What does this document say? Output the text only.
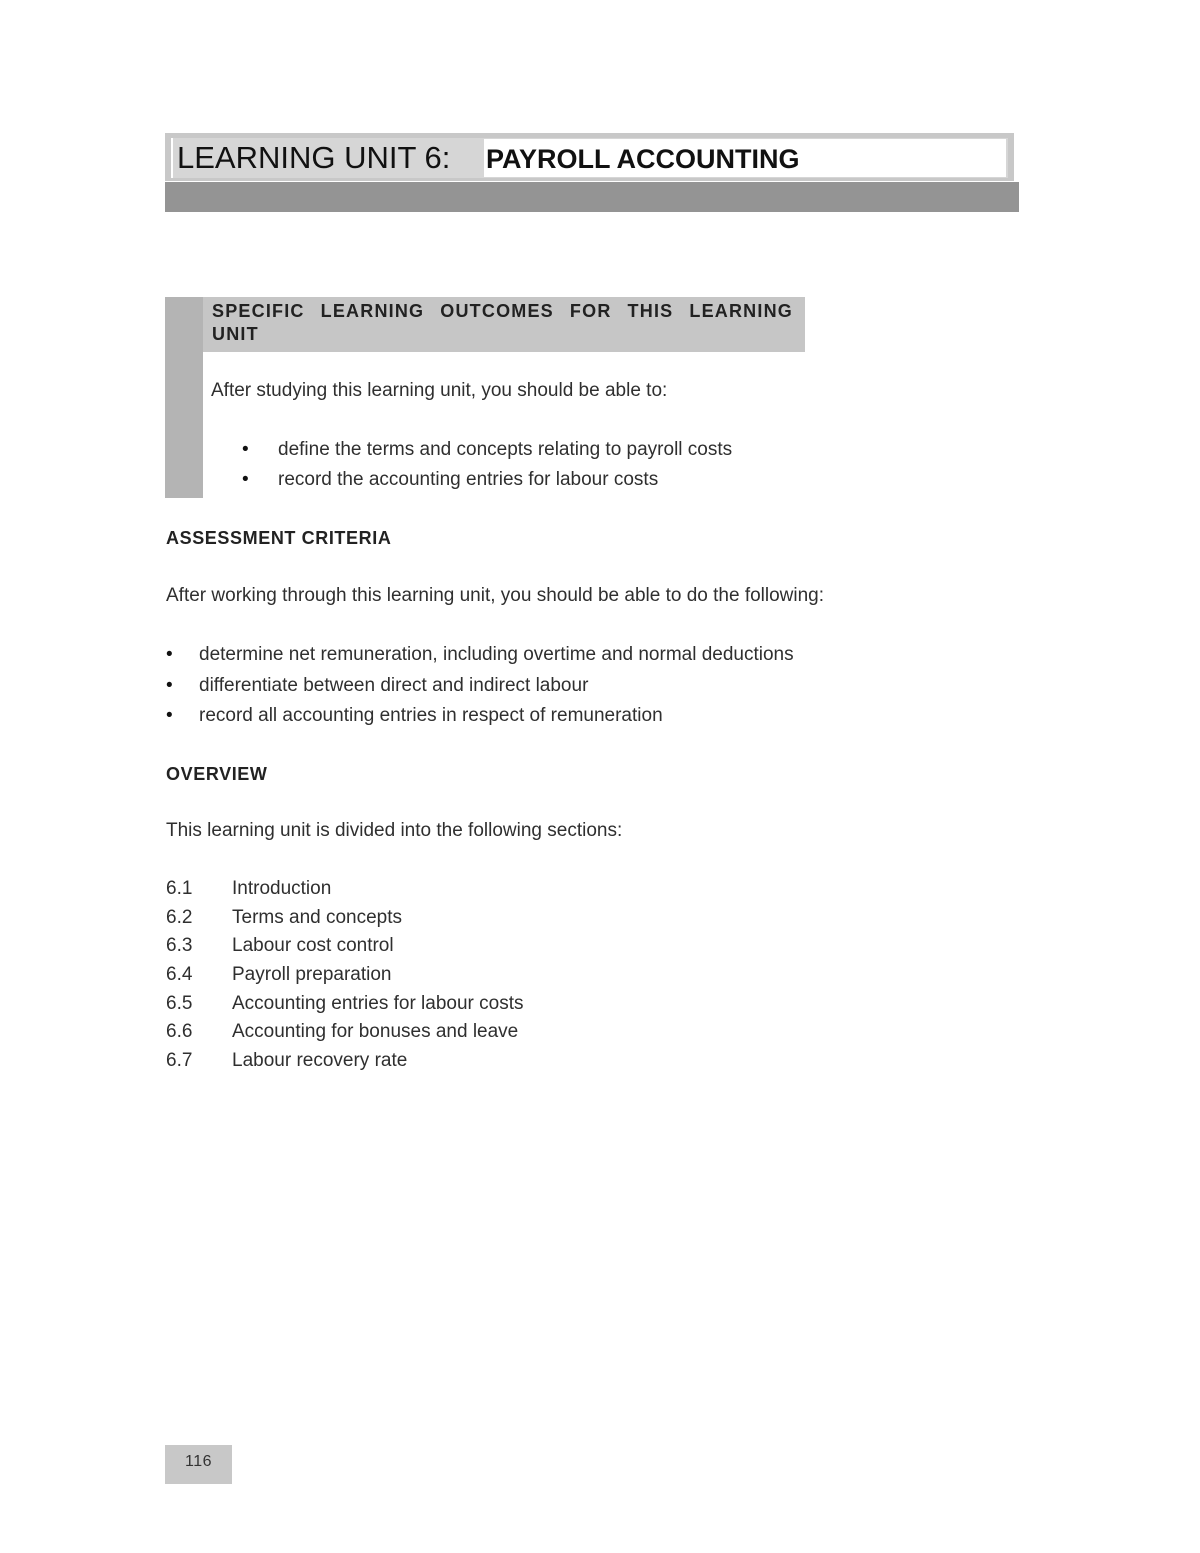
LEARNING UNIT 6: PAYROLL ACCOUNTING
SPECIFIC LEARNING OUTCOMES FOR THIS LEARNING UNIT
After studying this learning unit, you should be able to:
• define the terms and concepts relating to payroll costs
• record the accounting entries for labour costs
ASSESSMENT CRITERIA
After working through this learning unit, you should be able to do the following:
• determine net remuneration, including overtime and normal deductions
• differentiate between direct and indirect labour
• record all accounting entries in respect of remuneration
OVERVIEW
This learning unit is divided into the following sections:
6.1 Introduction
6.2 Terms and concepts
6.3 Labour cost control
6.4 Payroll preparation
6.5 Accounting entries for labour costs
6.6 Accounting for bonuses and leave
6.7 Labour recovery rate
116
